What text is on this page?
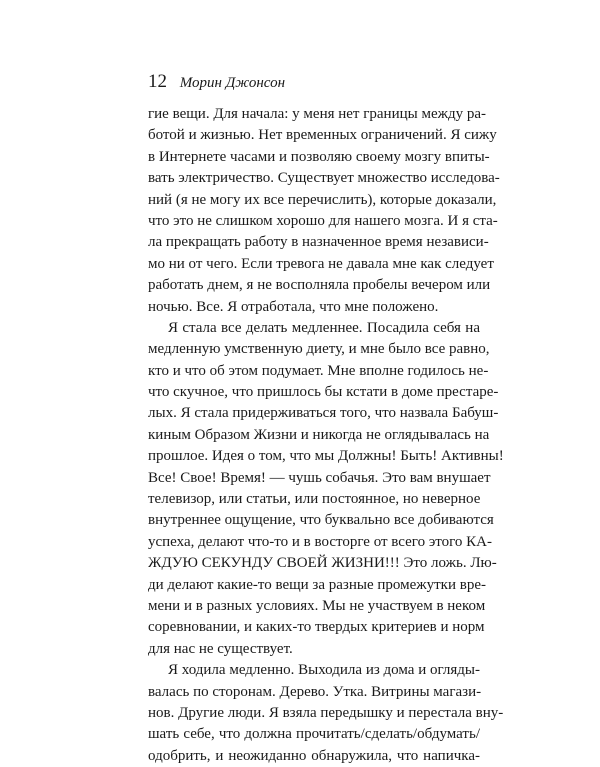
12 Морин Джонсон
гие вещи. Для начала: у меня нет границы между ра-
ботой и жизнью. Нет временных ограничений. Я сижу
в Интернете часами и позволяю своему мозгу впиты-
вать электричество. Существует множество исследова-
ний (я не могу их все перечислить), которые доказали,
что это не слишком хорошо для нашего мозга. И я ста-
ла прекращать работу в назначенное время независи-
мо ни от чего. Если тревога не давала мне как следует
работать днем, я не восполняла пробелы вечером или
ночью. Все. Я отработала, что мне положено.
Я стала все делать медленнее. Посадила себя на
медленную умственную диету, и мне было все равно,
кто и что об этом подумает. Мне вполне годилось не-
что скучное, что пришлось бы кстати в доме престаре-
лых. Я стала придерживаться того, что назвала Бабуш-
киным Образом Жизни и никогда не оглядывалась на
прошлое. Идея о том, что мы Должны! Быть! Активны!
Все! Свое! Время! — чушь собачья. Это вам внушает
телевизор, или статьи, или постоянное, но неверное
внутреннее ощущение, что буквально все добиваются
успеха, делают что-то и в восторге от всего этого КА-
ЖДУЮ СЕКУНДУ СВОЕЙ ЖИЗНИ!!! Это ложь. Лю-
ди делают какие-то вещи за разные промежутки вре-
мени и в разных условиях. Мы не участвуем в неком
соревновании, и каких-то твердых критериев и норм
для нас не существует.
Я ходила медленно. Выходила из дома и огляды-
валась по сторонам. Дерево. Утка. Витрины магази-
нов. Другие люди. Я взяла передышку и перестала вну-
шать себе, что должна прочитать/сделать/обдумать/
одобрить, и неожиданно обнаружила, что напичка-
